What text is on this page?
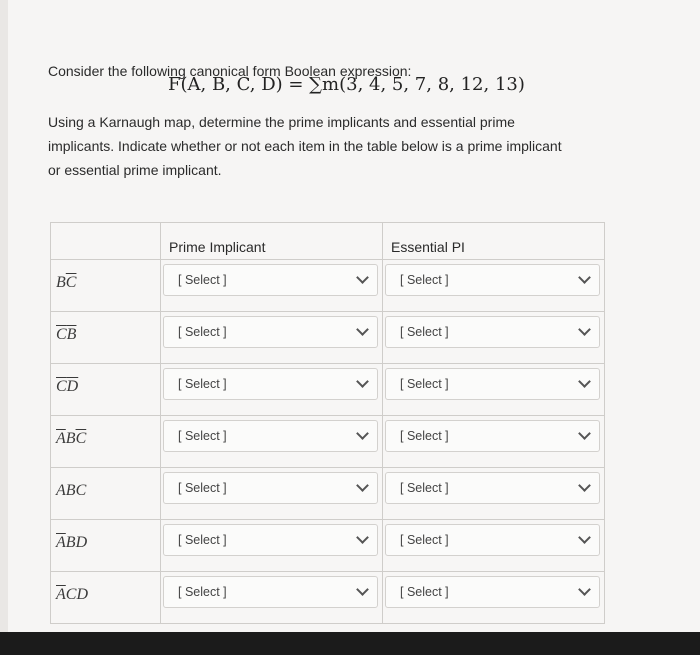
Consider the following canonical form Boolean expression:

F(A, B, C, D) = ∑m(3, 4, 5, 7, 8, 12, 13)

Using a Karnaugh map, determine the prime implicants and essential prime implicants. Indicate whether or not each item in the table below is a prime implicant or essential prime implicant.

	Prime Implicant	Essential PI

$B\overline{C}$	[ Select ]	[ Select ]

$\overline{C}\overline{B}$	[ Select ]	[ Select ]

$\overline{C}\overline{D}$	[ Select ]	[ Select ]

$\overline{A}B\overline{C}$	[ Select ]	[ Select ]

ABC	[ Select ]	[ Select ]

$\overline{A}BD$	[ Select ]	[ Select ]

$\overline{A}CD$	[ Select ]	[ Select ]
